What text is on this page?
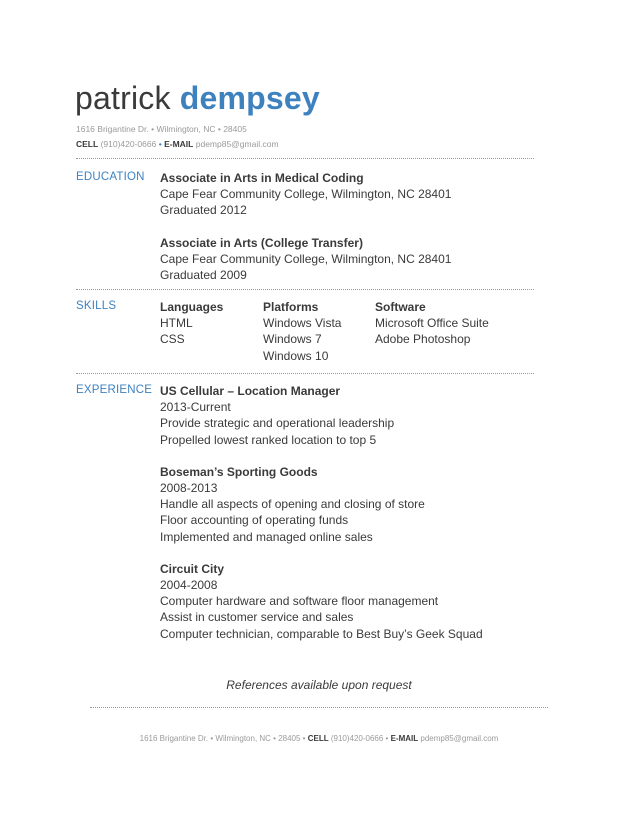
patrick dempsey
1616 Brigantine Dr. • Wilmington, NC • 28405
CELL (910)420-0666 • E-MAIL pdemp85@gmail.com
EDUCATION Associate in Arts in Medical Coding
Cape Fear Community College, Wilmington, NC 28401
Graduated 2012
Associate in Arts (College Transfer)
Cape Fear Community College, Wilmington, NC 28401
Graduated 2009
SKILLS	Languages
HTML
CSS
Platforms
Windows Vista
Windows 7
Windows 10
Software
Microsoft Office Suite
Adobe Photoshop
EXPERIENCE US Cellular – Location Manager
2013-Current
Provide strategic and operational leadership
Propelled lowest ranked location to top 5
Boseman’s Sporting Goods
2008-2013
Handle all aspects of opening and closing of store
Floor accounting of operating funds
Implemented and managed online sales
Circuit City
2004-2008
Computer hardware and software floor management
Assist in customer service and sales
Computer technician, comparable to Best Buy’s Geek Squad
References available upon request
1616 Brigantine Dr. • Wilmington, NC • 28405 • CELL (910)420-0666 • E-MAIL pdemp85@gmail.com
